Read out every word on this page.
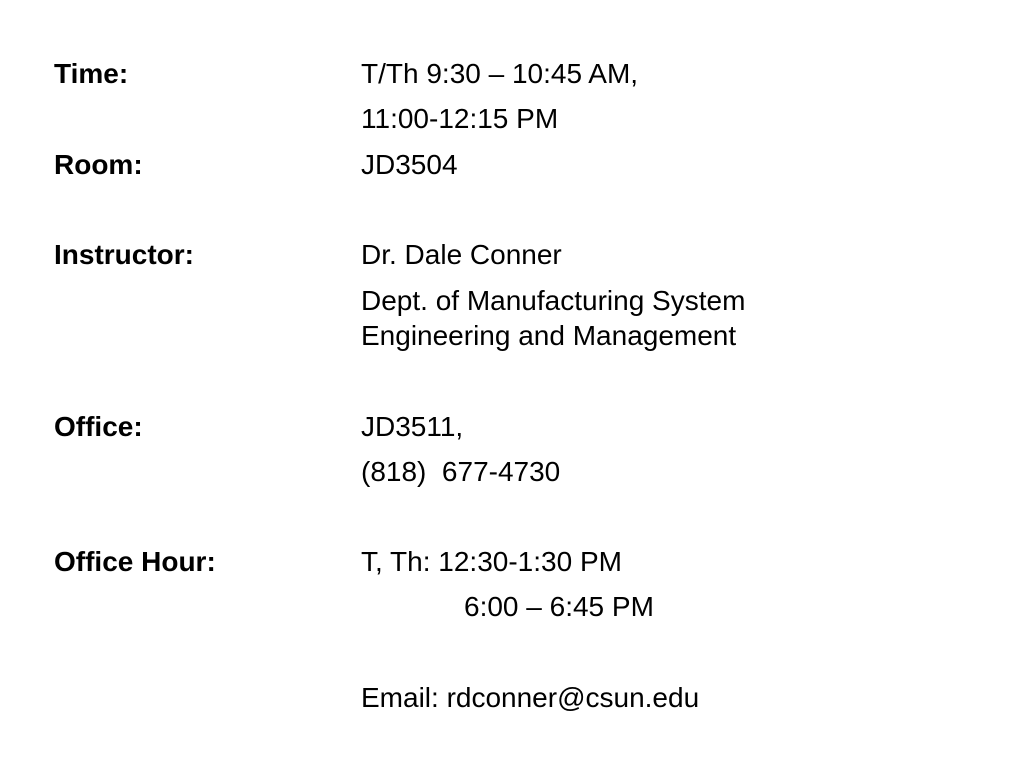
Time:	T/Th 9:30 – 10:45 AM,
11:00-12:15 PM
Room:	JD3504
Instructor:	Dr. Dale Conner
Dept. of Manufacturing System
Engineering and Management
Office:	JD3511,
(818)  677-4730
Office Hour:	T, Th: 12:30-1:30 PM
6:00 – 6:45 PM
Email: rdconner@csun.edu
